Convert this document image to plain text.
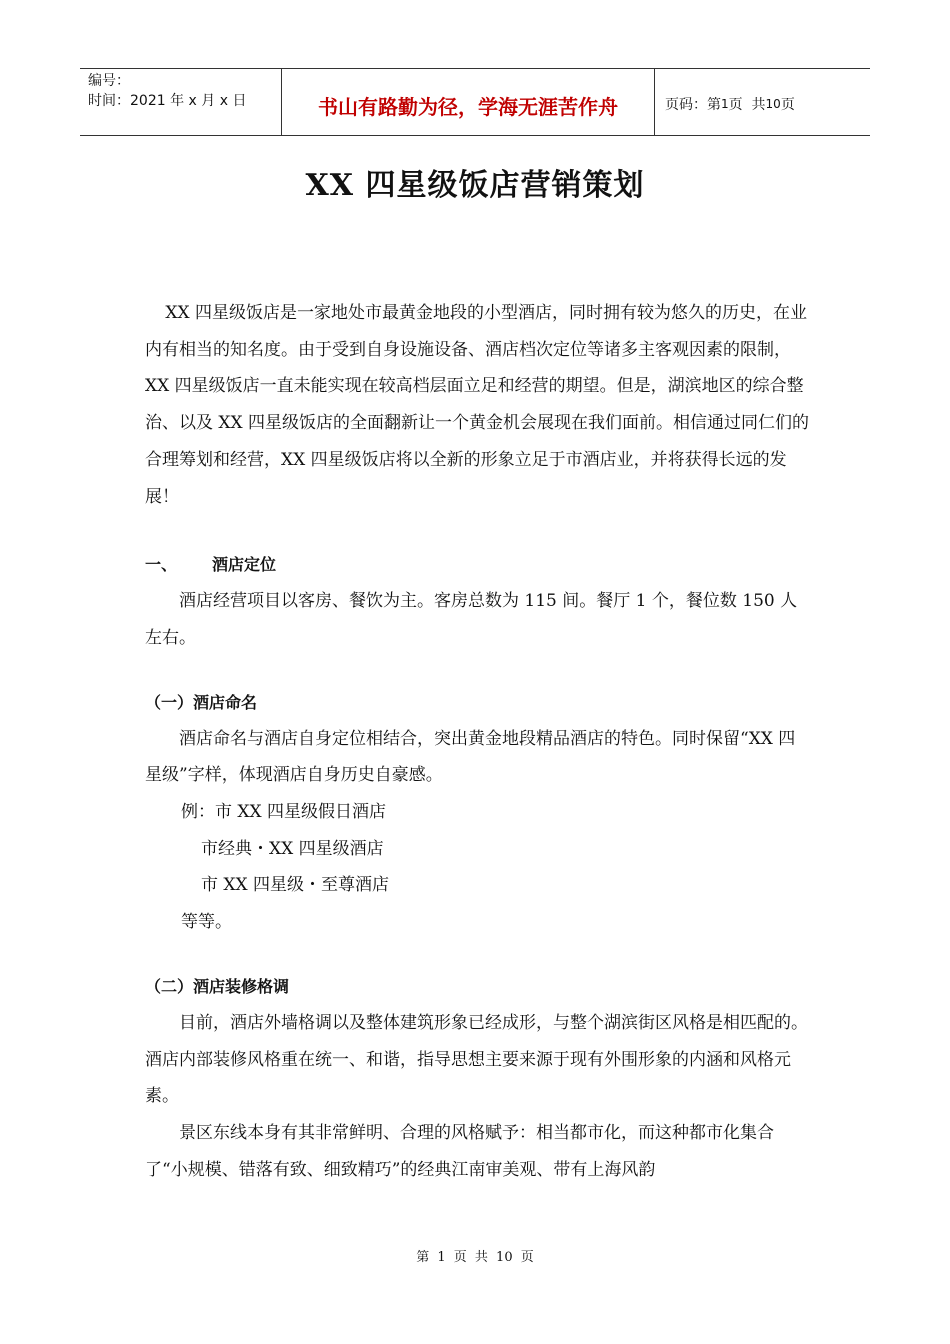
编号：
时间：2021 年 x 月 x 日	书山有路勤为径，学海无涯苦作舟	页码：第 1 页  共 10 页
XX 四星级饭店营销策划

XX 四星级饭店是一家地处市最黄金地段的小型酒店，同时拥有较为悠久的历史，在业内有相当的知名度。由于受到自身设施设备、酒店档次定位等诸多主客观因素的限制，XX 四星级饭店一直未能实现在较高档层面立足和经营的期望。但是，湖滨地区的综合整治、以及 XX 四星级饭店的全面翻新让一个黄金机会展现在我们面前。相信通过同仁们的合理筹划和经营，XX 四星级饭店将以全新的形象立足于市酒店业，并将获得长远的发展！

一、	酒店定位

酒店经营项目以客房、餐饮为主。客房总数为 115 间。餐厅 1 个，餐位数 150 人左右。

（一）酒店命名

酒店命名与酒店自身定位相结合，突出黄金地段精品酒店的特色。同时保留“XX 四星级”字样，体现酒店自身历史自豪感。

例：市 XX 四星级假日酒店

市经典・XX 四星级酒店

市 XX 四星级・至尊酒店

等等。

（二）酒店装修格调

目前，酒店外墙格调以及整体建筑形象已经成形，与整个湖滨街区风格是相匹配的。酒店内部装修风格重在统一、和谐，指导思想主要来源于现有外围形象的内涵和风格元素。

景区东线本身有其非常鲜明、合理的风格赋予：相当都市化，而这种都市化集合了“小规模、错落有致、细致精巧”的经典江南审美观、带有上海风韵

第 1 页 共 10 页
